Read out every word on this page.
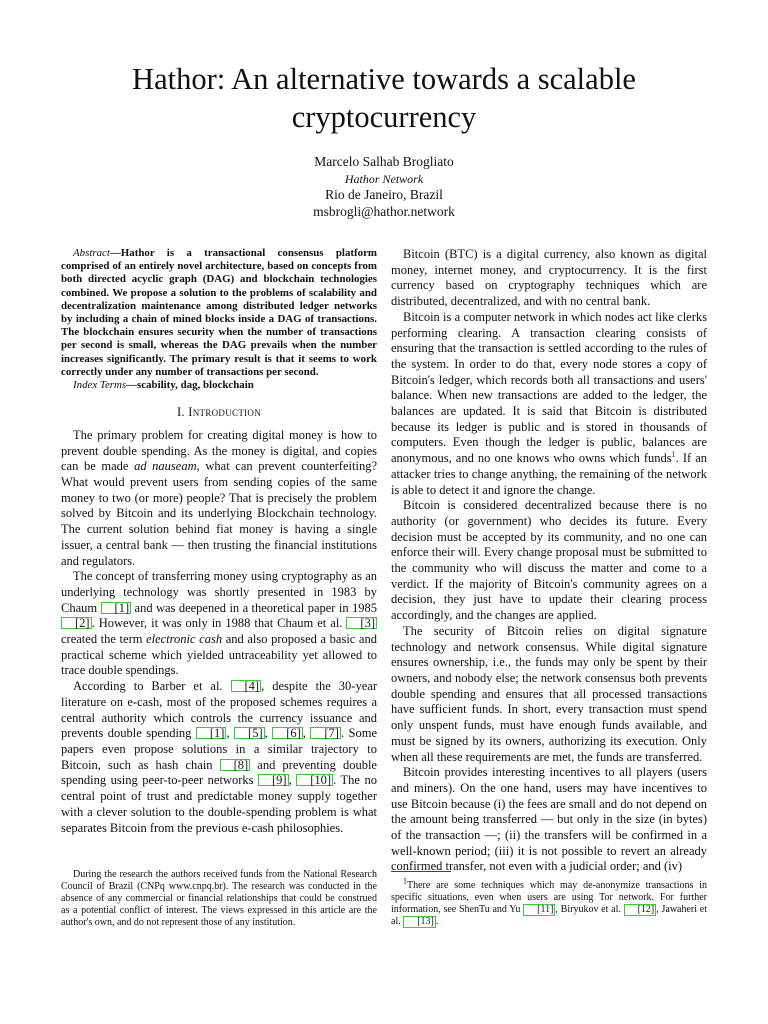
Hathor: An alternative towards a scalable
cryptocurrency
Marcelo Salhab Brogliato
Hathor Network
Rio de Janeiro, Brazil
msbrogli@hathor.network

Abstract—Hathor is a transactional consensus platform comprised of an entirely novel architecture, based on concepts from both directed acyclic graph (DAG) and blockchain technologies combined. We propose a solution to the problems of scalability and decentralization maintenance among distributed ledger networks by including a chain of mined blocks inside a DAG of transactions. The blockchain ensures security when the number of transactions per second is small, whereas the DAG prevails when the number increases significantly. The primary result is that it seems to work correctly under any number of transactions per second.

Index Terms—scability, dag, blockchain

I. Introduction

The primary problem for creating digital money is how to prevent double spending. As the money is digital, and copies can be made ad nauseam, what can prevent counterfeiting? What would prevent users from sending copies of the same money to two (or more) people? That is precisely the problem solved by Bitcoin and its underlying Blockchain technology. The current solution behind fiat money is having a single issuer, a central bank — then trusting the financial institutions and regulators.

The concept of transferring money using cryptography as an underlying technology was shortly presented in 1983 by Chaum [1] and was deepened in a theoretical paper in 1985 [2] . However, it was only in 1988 that Chaum et al. [3] created the term electronic cash and also proposed a basic and practical scheme which yielded untraceability yet allowed to trace double spendings.

According to Barber et al. [4] , despite the 30-year literature on e-cash, most of the proposed schemes requires a central authority which controls the currency issuance and prevents double spending [1] , [5] , [6] , [7] . Some papers even propose solutions in a similar trajectory to Bitcoin, such as hash chain [8] and preventing double spending using peer-to-peer networks [9] , [10] . The no central point of trust and predictable money supply together with a clever solution to the double-spending problem is what separates Bitcoin from the previous e-cash philosophies.

During the research the authors received funds from the National Research Council of Brazil (CNPq www.cnpq.br). The research was conducted in the absence of any commercial or financial relationships that could be construed as a potential conflict of interest. The views expressed in this article are the author's own, and do not represent those of any institution.

Bitcoin (BTC) is a digital currency, also known as digital money, internet money, and cryptocurrency. It is the first currency based on cryptography techniques which are distributed, decentralized, and with no central bank.

Bitcoin is a computer network in which nodes act like clerks performing clearing. A transaction clearing consists of ensuring that the transaction is settled according to the rules of the system. In order to do that, every node stores a copy of Bitcoin's ledger, which records both all transactions and users' balance. When new transactions are added to the ledger, the balances are updated. It is said that Bitcoin is distributed because its ledger is public and is stored in thousands of computers. Even though the ledger is public, balances are anonymous, and no one knows who owns which funds$^1$. If an attacker tries to change anything, the remaining of the network is able to detect it and ignore the change.

Bitcoin is considered decentralized because there is no authority (or government) who decides its future. Every decision must be accepted by its community, and no one can enforce their will. Every change proposal must be submitted to the community who will discuss the matter and come to a verdict. If the majority of Bitcoin's community agrees on a decision, they just have to update their clearing process accordingly, and the changes are applied.

The security of Bitcoin relies on digital signature technology and network consensus. While digital signature ensures ownership, i.e., the funds may only be spent by their owners, and nobody else; the network consensus both prevents double spending and ensures that all processed transactions have sufficient funds. In short, every transaction must spend only unspent funds, must have enough funds available, and must be signed by its owners, authorizing its execution. Only when all these requirements are met, the funds are transferred.

Bitcoin provides interesting incentives to all players (users and miners). On the one hand, users may have incentives to use Bitcoin because (i) the fees are small and do not depend on the amount being transferred — but only in the size (in bytes) of the transaction —; (ii) the transfers will be confirmed in a well-known period; (iii) it is not possible to revert an already confirmed transfer, not even with a judicial order; and (iv)

$^1$There are some techniques which may de-anonymize transactions in specific situations, even when users are using Tor network. For further information, see ShenTu and Yu [11] , Biryukov et al. [12] , Jawaheri et al. [13] .
